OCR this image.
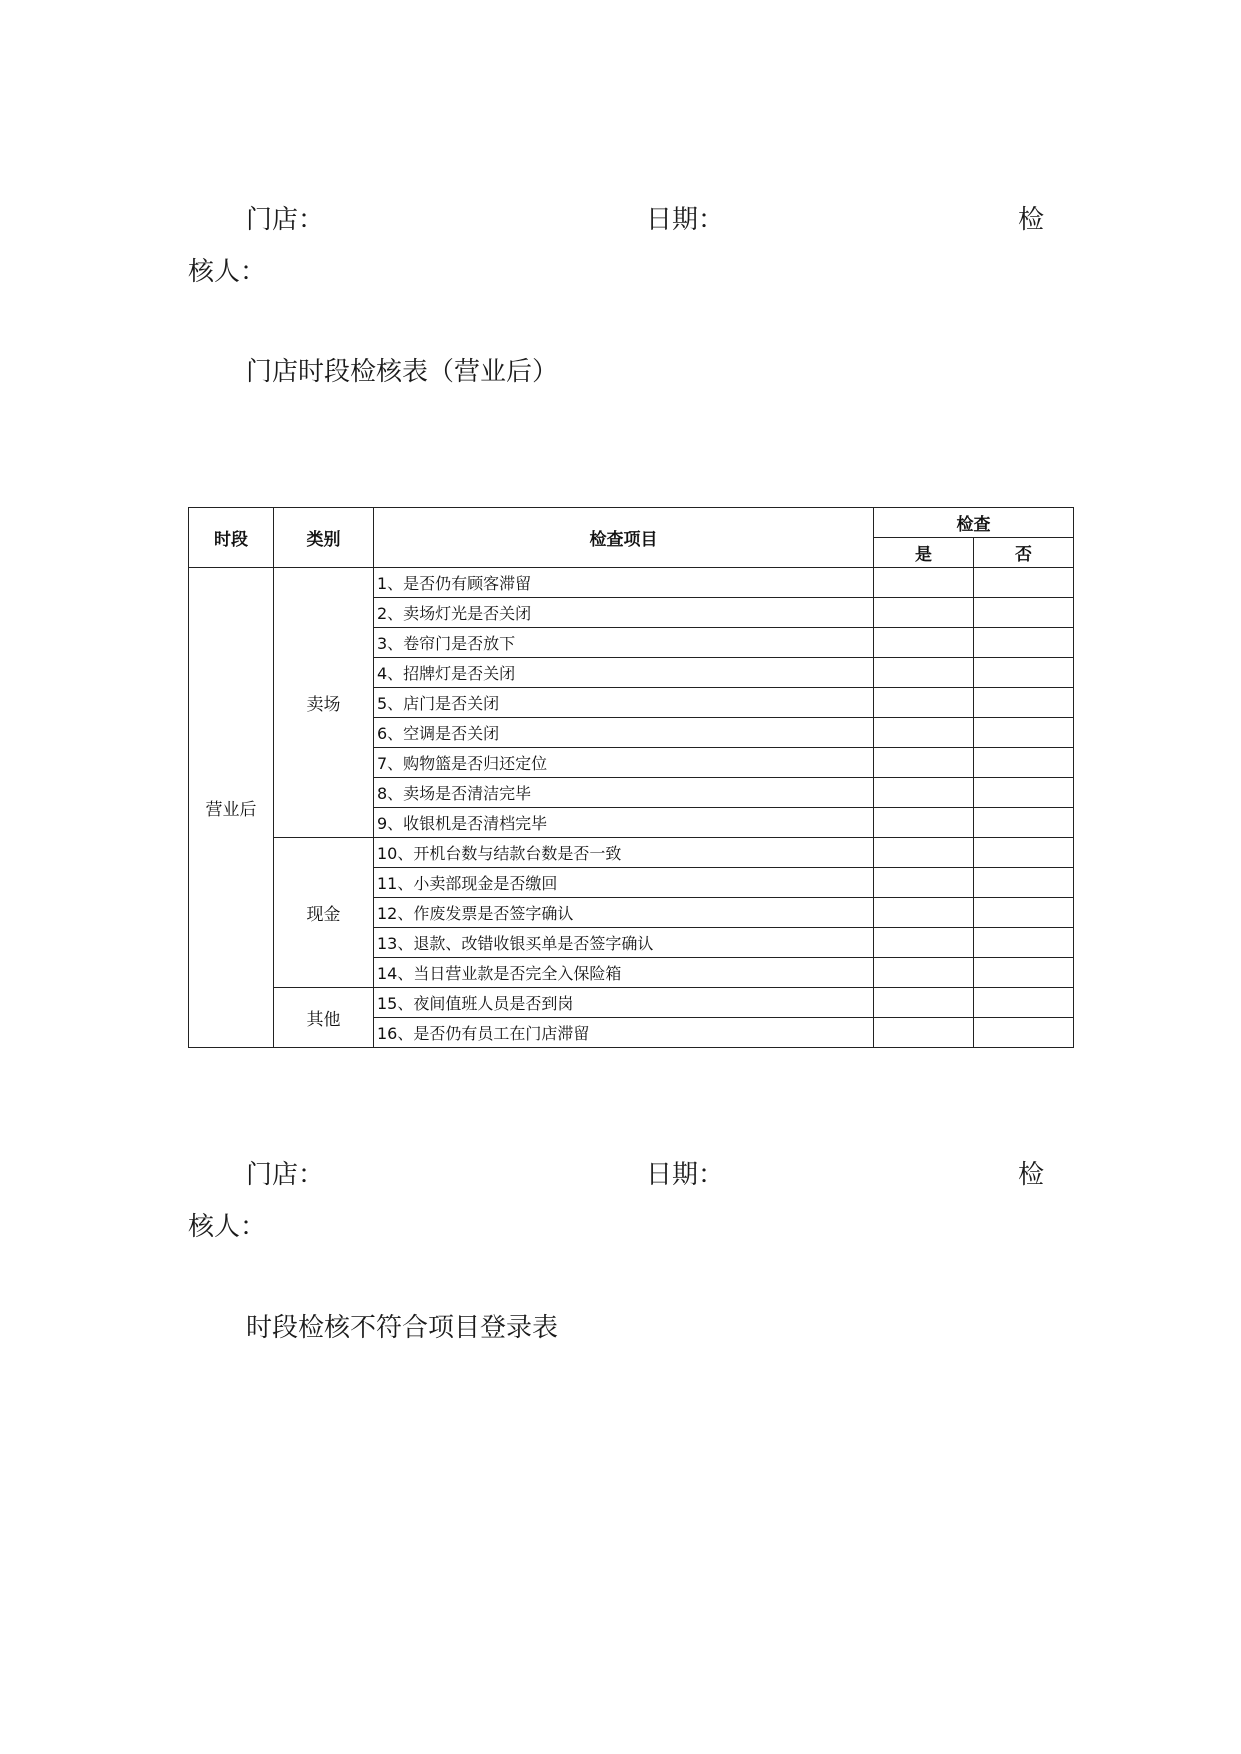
门店：	日期：	检
核人：
门店时段检核表（营业后）
时段	类别	检查项目	检查	
			是	否
营业后	卖场	1、是否仍有顾客滞留		
		2、卖场灯光是否关闭		
		3、卷帘门是否放下		
		4、招牌灯是否关闭		
		5、店门是否关闭		
		6、空调是否关闭		
		7、购物篮是否归还定位		
		8、卖场是否清洁完毕		
		9、收银机是否清档完毕		
	现金	10、开机台数与结款台数是否一致		
		11、小卖部现金是否缴回		
		12、作废发票是否签字确认		
		13、退款、改错收银买单是否签字确认		
		14、当日营业款是否完全入保险箱		
	其他	15、夜间值班人员是否到岗		
		16、是否仍有员工在门店滞留		
门店：	日期：	检
核人：
时段检核不符合项目登录表
